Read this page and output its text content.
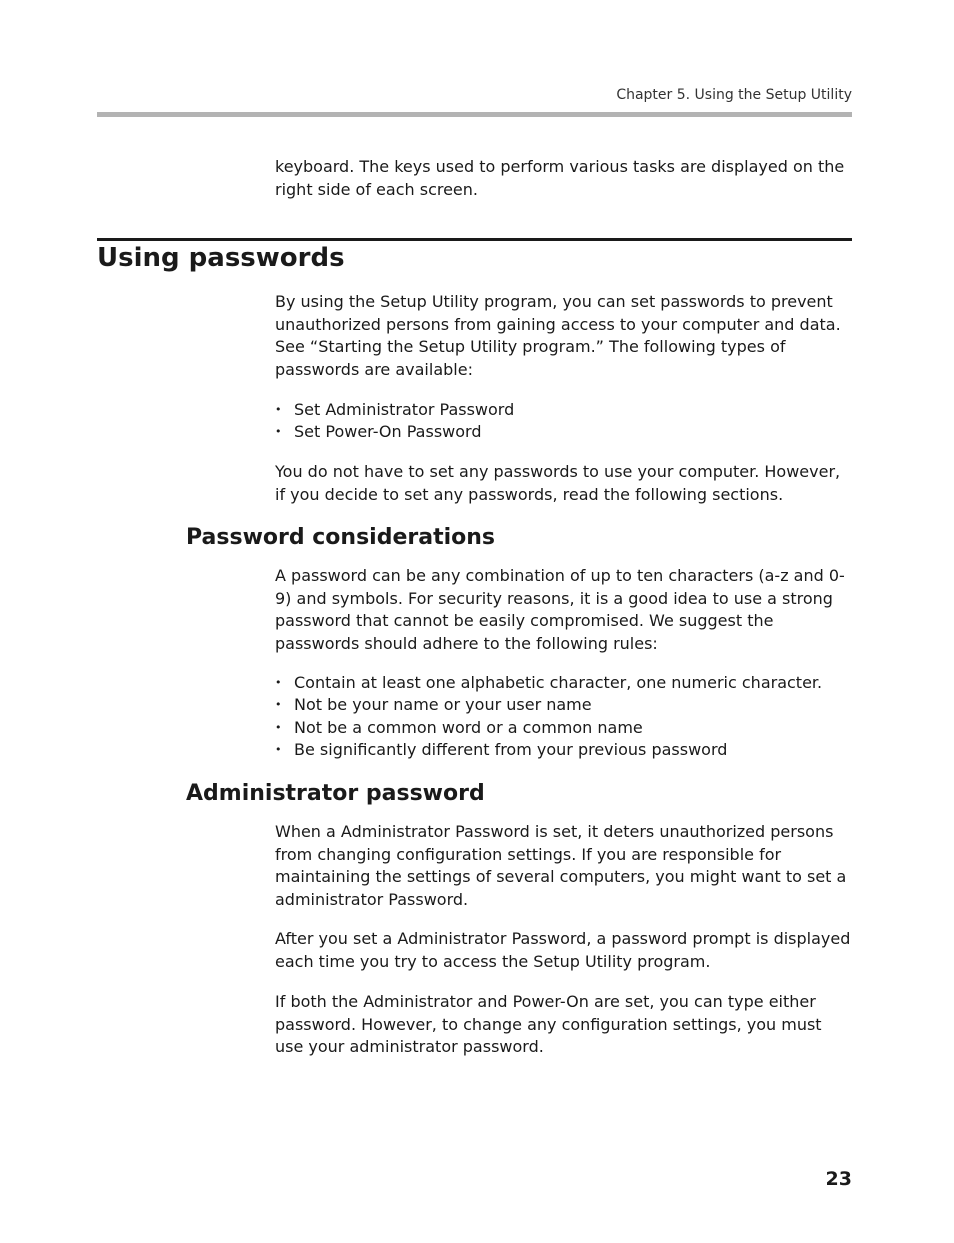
Chapter 5. Using the Setup Utility

keyboard. The keys used to perform various tasks are displayed on the right side of each screen.

Using passwords

By using the Setup Utility program, you can set passwords to prevent unauthorized persons from gaining access to your computer and data. See “Starting the Setup Utility program.” The following types of passwords are available:

• Set Administrator Password
• Set Power-On Password

You do not have to set any passwords to use your computer. However, if you decide to set any passwords, read the following sections.

Password considerations

A password can be any combination of up to ten characters (a-z and 0-9) and symbols. For security reasons, it is a good idea to use a strong password that cannot be easily compromised. We suggest the passwords should adhere to the following rules:

• Contain at least one alphabetic character, one numeric character.
• Not be your name or your user name
• Not be a common word or a common name
• Be significantly different from your previous password
Administrator password

When a Administrator Password is set, it deters unauthorized persons from changing configuration settings. If you are responsible for maintaining the settings of several computers, you might want to set a administrator Password.

After you set a Administrator Password, a password prompt is displayed each time you try to access the Setup Utility program.

If both the Administrator and Power-On are set, you can type either password. However, to change any configuration settings, you must use your administrator password.

23
